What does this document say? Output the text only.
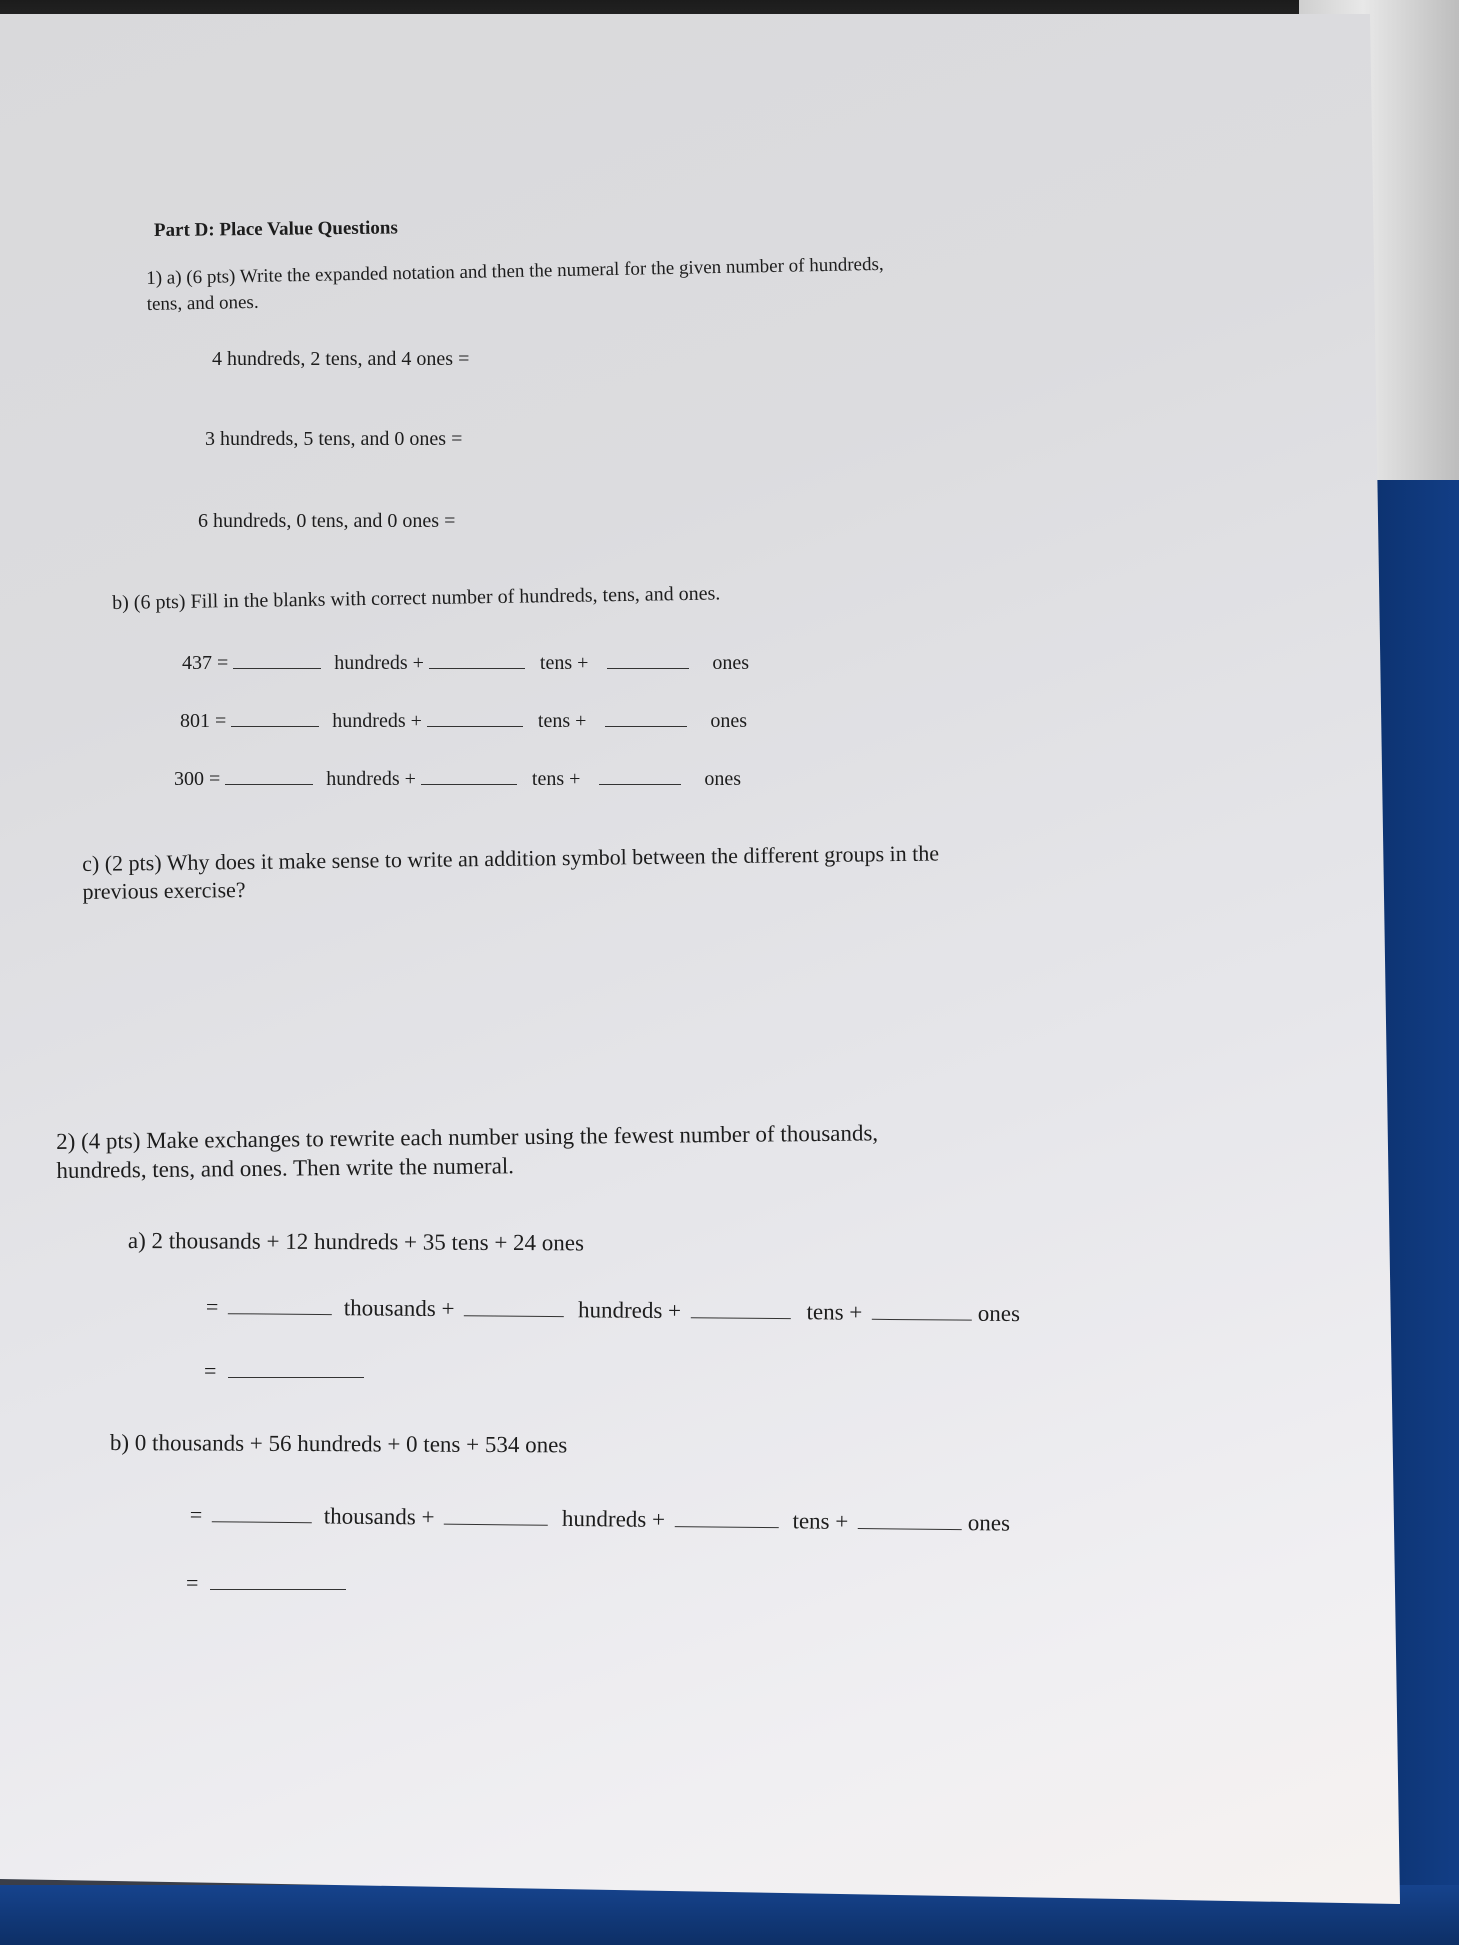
Part D: Place Value Questions
1) a) (6 pts) Write the expanded notation and then the numeral for the given number of hundreds,
tens, and ones.
4 hundreds, 2 tens, and 4 ones =
3 hundreds, 5 tens, and 0 ones =
6 hundreds, 0 tens, and 0 ones =
b) (6 pts) Fill in the blanks with correct number of hundreds, tens, and ones.
437 =	hundreds +	tens +	ones
801 =	hundreds +	tens +	ones
300 =	hundreds +	tens +	ones
c) (2 pts) Why does it make sense to write an addition symbol between the different groups in the
previous exercise?
2) (4 pts) Make exchanges to rewrite each number using the fewest number of thousands,
hundreds, tens, and ones. Then write the numeral.
a) 2 thousands + 12 hundreds + 35 tens + 24 ones
=	thousands +	hundreds +	tens +	ones
=
b) 0 thousands + 56 hundreds + 0 tens + 534 ones
=	thousands +	hundreds +	tens +	ones
=
